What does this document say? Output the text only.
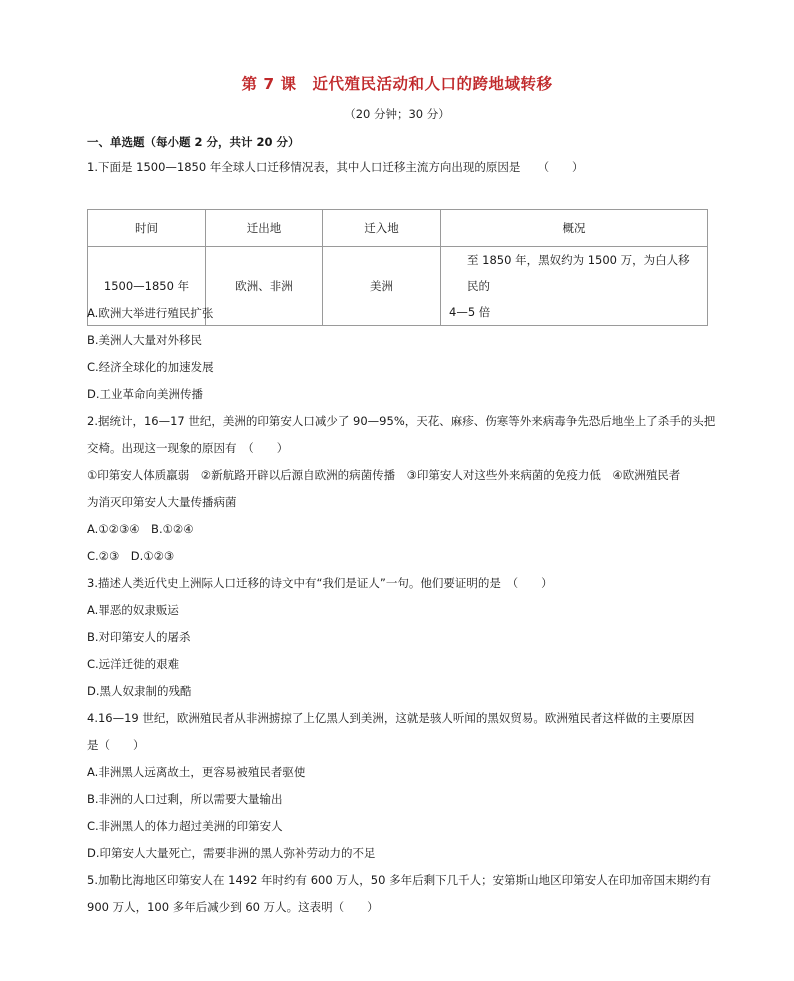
第 7 课 近代殖民活动和人口的跨地域转移
（20 分钟；30 分）
一、单选题（每小题 2 分，共计 20 分）
1.下面是 1500—1850 年全球人口迁移情况表，其中人口迁移主流方向出现的原因是　　（　　）
时间	迁出地	迁入地	概况
1500—1850 年	欧洲、非洲	美洲	至 1850 年，黑奴约为 1500 万，为白人移民的
4—5 倍
A.欧洲大举进行殖民扩张
B.美洲人大量对外移民
C.经济全球化的加速发展
D.工业革命向美洲传播
2.据统计，16—17 世纪，美洲的印第安人口减少了 90—95%，天花、麻疹、伤寒等外来病毒争先恐后地坐上了杀手的头把
交椅。出现这一现象的原因有　（　　）
①印第安人体质羸弱　②新航路开辟以后源自欧洲的病菌传播　③印第安人对这些外来病菌的免疫力低　④欧洲殖民者
为消灭印第安人大量传播病菌
A.①②③④　B.①②④
C.②③　D.①②③
3.描述人类近代史上洲际人口迁移的诗文中有“我们是证人”一句。他们要证明的是　（　　）
A.罪恶的奴隶贩运
B.对印第安人的屠杀
C.远洋迁徙的艰难
D.黑人奴隶制的残酷
4.16—19 世纪，欧洲殖民者从非洲掳掠了上亿黑人到美洲，这就是骇人听闻的黑奴贸易。欧洲殖民者这样做的主要原因
是（　　）
A.非洲黑人远离故土，更容易被殖民者驱使
B.非洲的人口过剩，所以需要大量输出
C.非洲黑人的体力超过美洲的印第安人
D.印第安人大量死亡，需要非洲的黑人弥补劳动力的不足
5.加勒比海地区印第安人在 1492 年时约有 600 万人，50 多年后剩下几千人；安第斯山地区印第安人在印加帝国末期约有
900 万人，100 多年后减少到 60 万人。这表明（　　）
